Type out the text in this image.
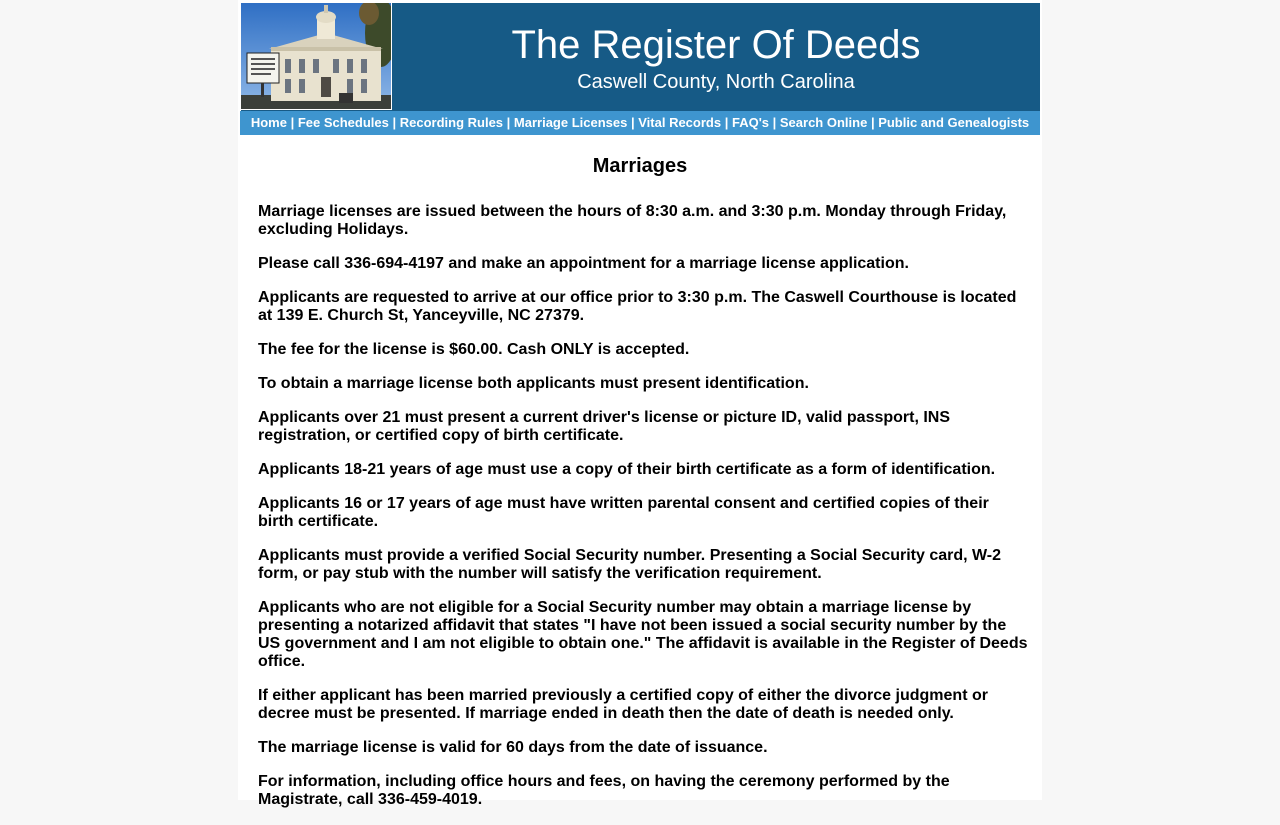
The Register Of Deeds
Caswell County, North Carolina
Home | Fee Schedules | Recording Rules | Marriage Licenses | Vital Records | FAQ's | Search Online | Public and Genealogists
Marriages

Marriage licenses are issued between the hours of 8:30 a.m. and 3:30 p.m. Monday through Friday, excluding Holidays.

Please call 336-694-4197 and make an appointment for a marriage license application.

Applicants are requested to arrive at our office prior to 3:30 p.m. The Caswell Courthouse is located at 139 E. Church St, Yanceyville, NC 27379.

The fee for the license is $60.00. Cash ONLY is accepted.

To obtain a marriage license both applicants must present identification.

Applicants over 21 must present a current driver's license or picture ID, valid passport, INS registration, or certified copy of birth certificate.

Applicants 18-21 years of age must use a copy of their birth certificate as a form of identification.

Applicants 16 or 17 years of age must have written parental consent and certified copies of their birth certificate.

Applicants must provide a verified Social Security number. Presenting a Social Security card, W-2 form, or pay stub with the number will satisfy the verification requirement.

Applicants who are not eligible for a Social Security number may obtain a marriage license by presenting a notarized affidavit that states "I have not been issued a social security number by the US government and I am not eligible to obtain one." The affidavit is available in the Register of Deeds office.

If either applicant has been married previously a certified copy of either the divorce judgment or decree must be presented. If marriage ended in death then the date of death is needed only.

The marriage license is valid for 60 days from the date of issuance.

For information, including office hours and fees, on having the ceremony performed by the Magistrate, call 336-459-4019.
